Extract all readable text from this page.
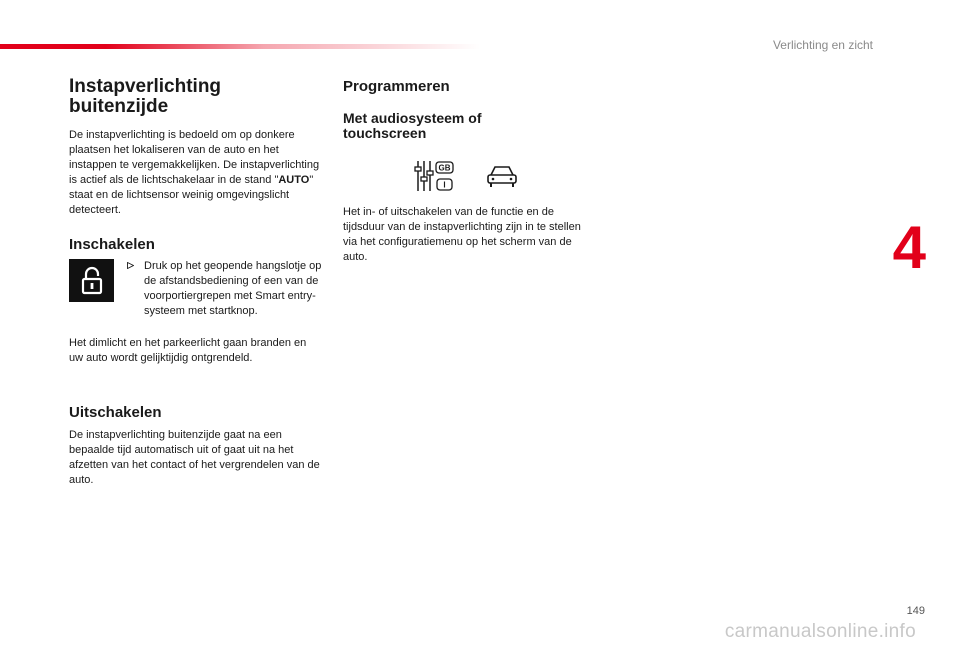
Verlichting en zicht
4
Instapverlichting
buitenzijde

De instapverlichting is bedoeld om op donkere plaatsen het lokaliseren van de auto en het instappen te vergemakkelijken. De instapverlichting is actief als de lichtschakelaar in de stand "AUTO" staat en de lichtsensor weinig omgevingslicht detecteert.

Inschakelen
Druk op het geopende hangslotje op de afstandsbediening of een van de voorportiergrepen met Smart entry-systeem met startknop.

Het dimlicht en het parkeerlicht gaan branden en uw auto wordt gelijktijdig ontgrendeld.

Uitschakelen

De instapverlichting buitenzijde gaat na een bepaalde tijd automatisch uit of gaat uit na het afzetten van het contact of het vergrendelen van de auto.

Programmeren
Met audiosysteem of
touchscreen
GB
I

Het in- of uitschakelen van de functie en de tijdsduur van de instapverlichting zijn in te stellen via het configuratiemenu op het scherm van de auto.

149
carmanualsonline.info
